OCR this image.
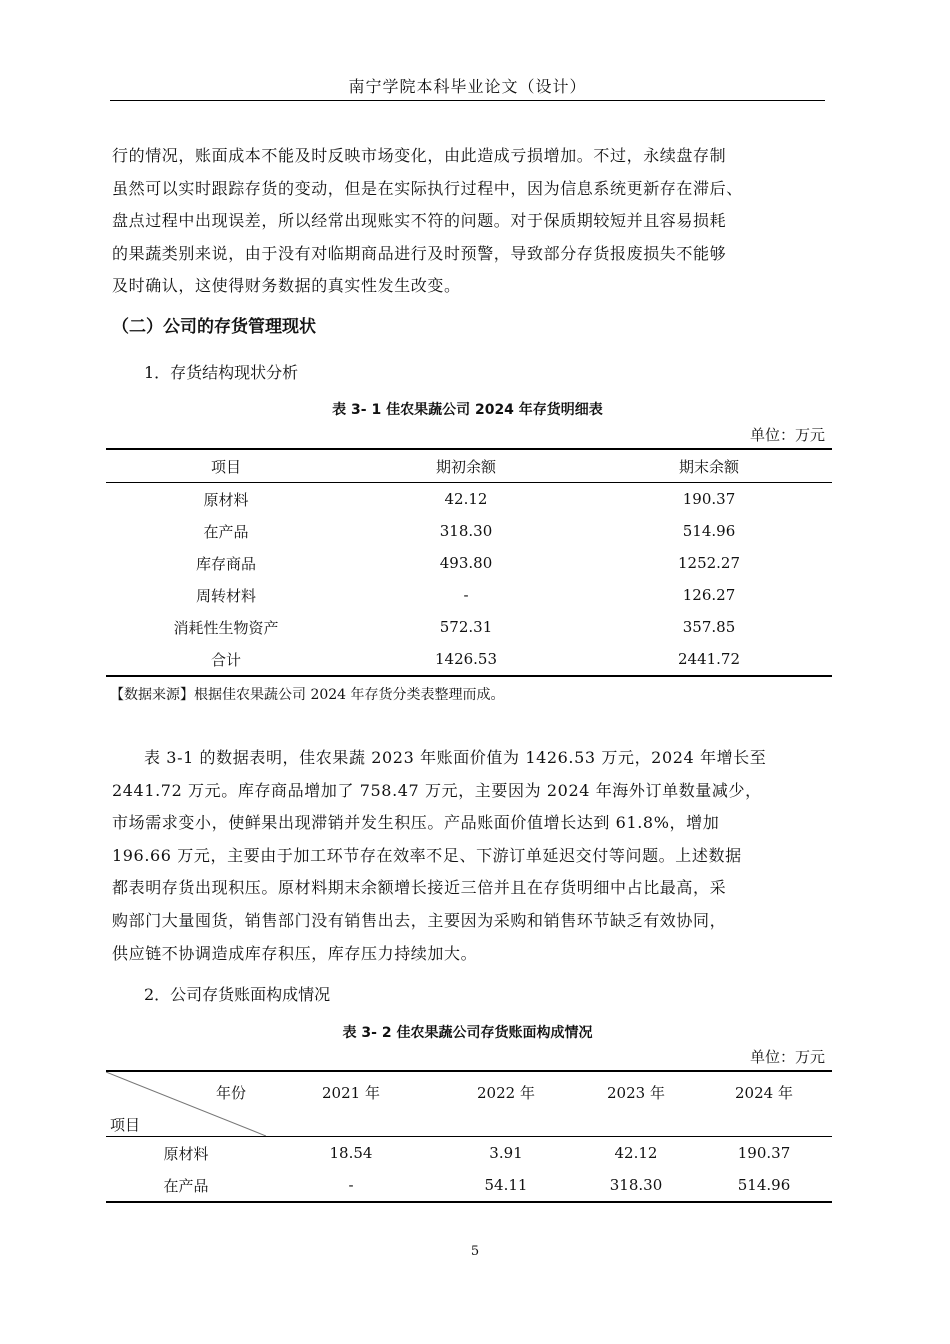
南宁学院本科毕业论文（设计）
行的情况，账面成本不能及时反映市场变化，由此造成亏损增加。不过，永续盘存制
虽然可以实时跟踪存货的变动，但是在实际执行过程中，因为信息系统更新存在滞后、
盘点过程中出现误差，所以经常出现账实不符的问题。对于保质期较短并且容易损耗
的果蔬类别来说，由于没有对临期商品进行及时预警，导致部分存货报废损失不能够
及时确认，这使得财务数据的真实性发生改变。
（二）公司的存货管理现状
1．存货结构现状分析
表 3- 1 佳农果蔬公司 2024 年存货明细表
单位：万元
项目	期初余额	期末余额
原材料	42.12	190.37
在产品	318.30	514.96
库存商品	493.80	1252.27
周转材料	-	126.27
消耗性生物资产	572.31	357.85
合计	1426.53	2441.72
【数据来源】根据佳农果蔬公司 2024 年存货分类表整理而成。
表 3-1 的数据表明，佳农果蔬 2023 年账面价值为 1426.53 万元，2024 年增长至
2441.72 万元。库存商品增加了 758.47 万元，主要因为 2024 年海外订单数量减少，
市场需求变小，使鲜果出现滞销并发生积压。产品账面价值增长达到 61.8%，增加
196.66 万元，主要由于加工环节存在效率不足、下游订单延迟交付等问题。上述数据
都表明存货出现积压。原材料期末余额增长接近三倍并且在存货明细中占比最高，采
购部门大量囤货，销售部门没有销售出去，主要因为采购和销售环节缺乏有效协同，
供应链不协调造成库存积压，库存压力持续加大。
2．公司存货账面构成情况
表 3- 2 佳农果蔬公司存货账面构成情况
单位：万元
年份
项目	2021 年	2022 年	2023 年	2024 年
原材料	18.54	3.91	42.12	190.37
在产品	-	54.11	318.30	514.96
5
